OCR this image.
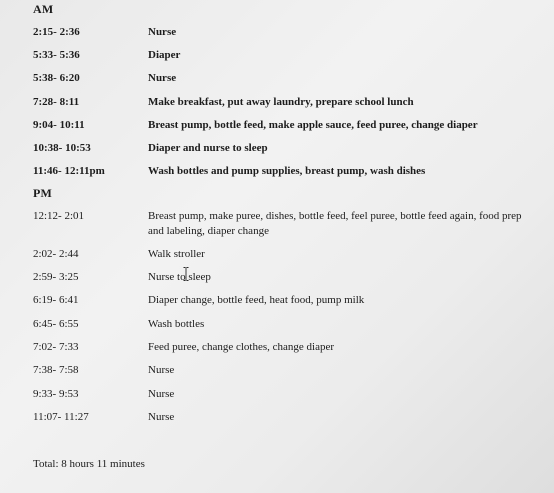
AM
2:15- 2:36	Nurse
5:33- 5:36	Diaper
5:38- 6:20	Nurse
7:28- 8:11	Make breakfast, put away laundry, prepare school lunch
9:04- 10:11	Breast pump, bottle feed, make apple sauce, feed puree, change diaper
10:38- 10:53	Diaper and nurse to sleep
11:46- 12:11pm	Wash bottles and pump supplies, breast pump, wash dishes
PM
12:12- 2:01	Breast pump, make puree, dishes, bottle feed, feel puree, bottle feed again, food prep and labeling, diaper change
2:02- 2:44	Walk stroller
2:59- 3:25	Nurse to sleep
6:19- 6:41	Diaper change, bottle feed, heat food, pump milk
6:45- 6:55	Wash bottles
7:02- 7:33	Feed puree, change clothes, change diaper
7:38- 7:58	Nurse
9:33- 9:53	Nurse
11:07- 11:27	Nurse
Total: 8 hours 11 minutes
